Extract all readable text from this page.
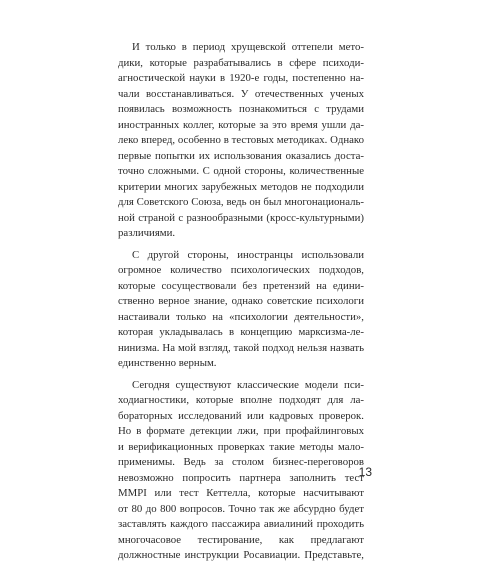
И только в период хрущевской оттепели мето-
дики, которые разрабатывались в сфере психоди-
агностической науки в 1920-е годы, постепенно на-
чали восстанавливаться. У отечественных ученых
появилась возможность познакомиться с трудами
иностранных коллег, которые за это время ушли да-
леко вперед, особенно в тестовых методиках. Однако
первые попытки их использования оказались доста-
точно сложными. С одной стороны, количественные
критерии многих зарубежных методов не подходили
для Советского Союза, ведь он был многонациональ-
ной страной с разнообразными (кросс-культурными)
различиями.

С другой стороны, иностранцы использовали
огромное количество психологических подходов,
которые сосуществовали без претензий на едини-
ственно верное знание, однако советские психологи
настаивали только на «психологии деятельности»,
которая укладывалась в концепцию марксизма-ле-
нинизма. На мой взгляд, такой подход нельзя назвать
единственно верным.

Сегодня существуют классические модели пси-
ходиагностики, которые вполне подходят для ла-
бораторных исследований или кадровых проверок.
Но в формате детекции лжи, при профайлинговых
и верификационных проверках такие методы мало-
применимы. Ведь за столом бизнес-переговоров
невозможно попросить партнера заполнить тест
MMPI или тест Кеттелла, которые насчитывают
от 80 до 800 вопросов. Точно так же абсурдно будет
заставлять каждого пассажира авиалиний проходить
многочасовое тестирование, как предлагают
должностные инструкции Росавиации. Представьте,

13
